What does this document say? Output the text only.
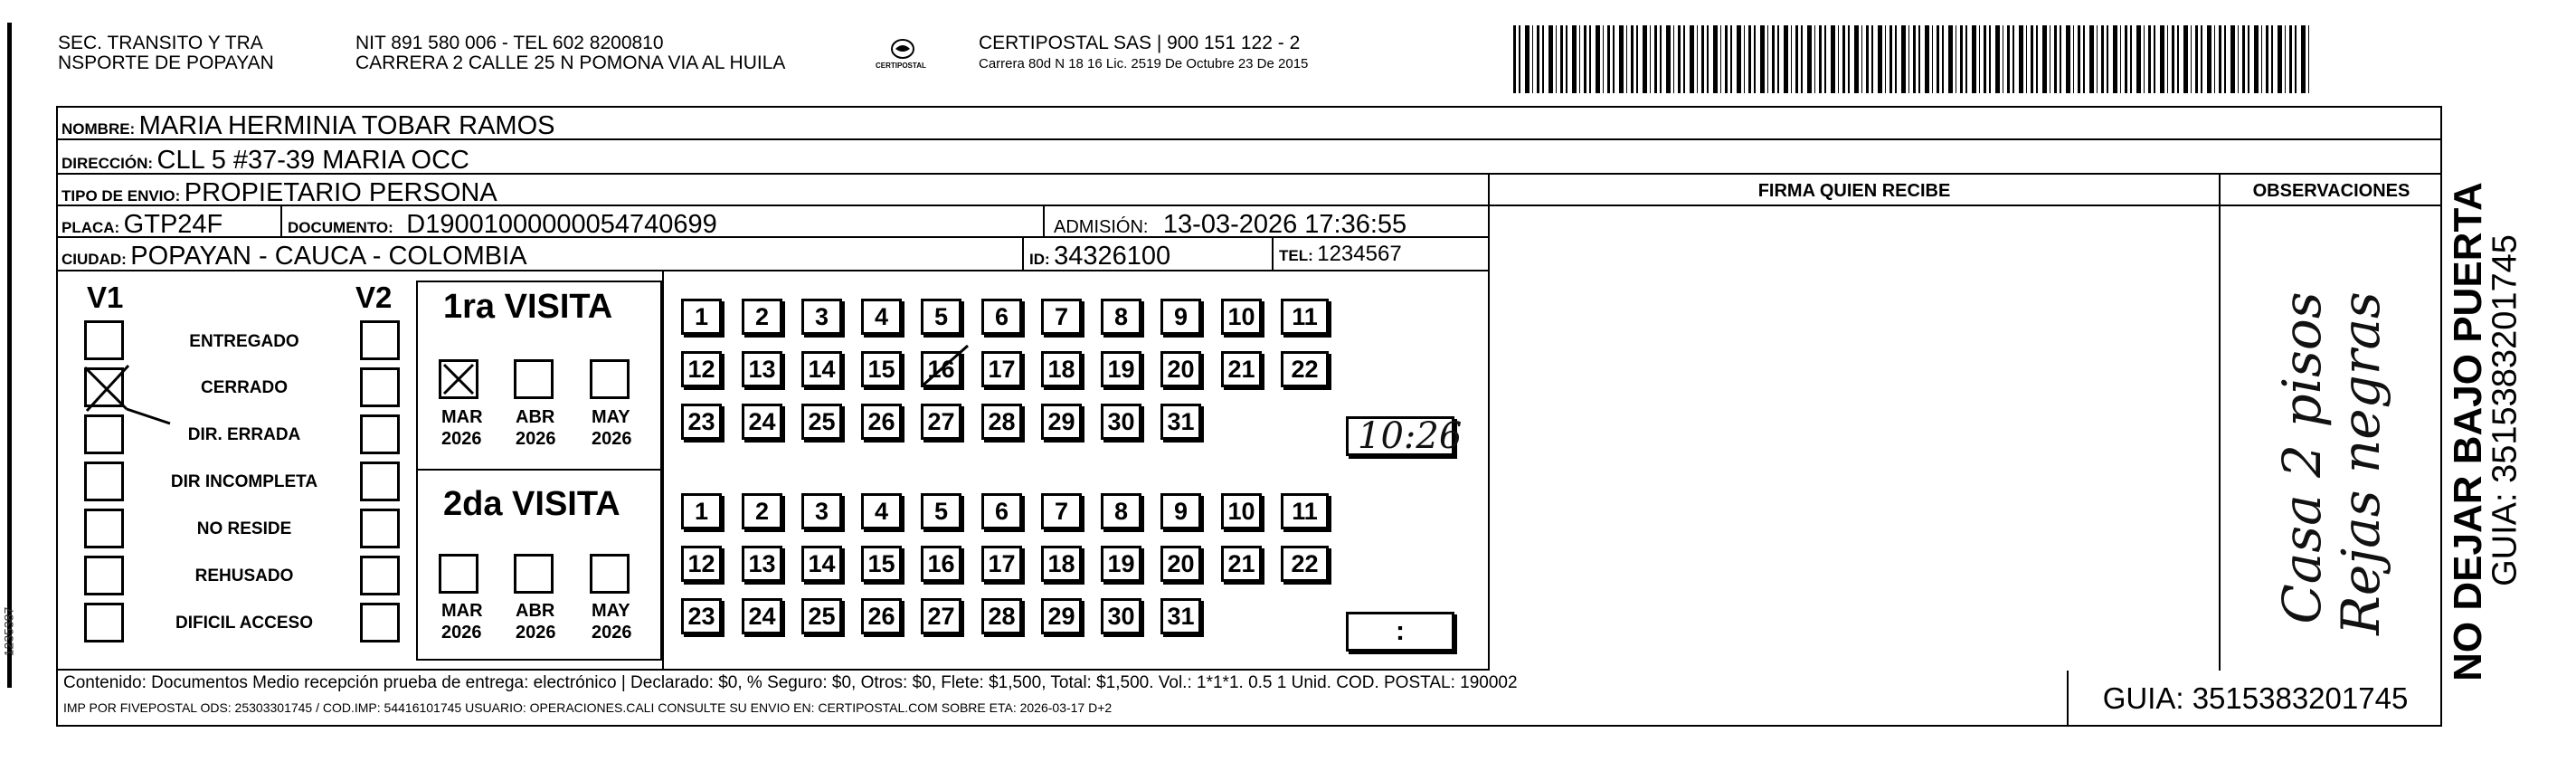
1235387
SEC. TRANSITO Y TRA
NSPORTE DE POPAYAN
NIT 891 580 006 - TEL 602 8200810
CARRERA 2 CALLE 25 N POMONA VIA AL HUILA	CERTIPOSTAL
CERTIPOSTAL SAS | 900 151 122 - 2
Carrera 80d N 18 16 Lic. 2519 De Octubre 23 De 2015
NOMBRE: MARIA HERMINIA TOBAR RAMOS
DIRECCIÓN: CLL 5 #37-39 MARIA OCC
TIPO DE ENVIO: PROPIETARIO PERSONA
PLACA: GTP24F	DOCUMENTO: D19001000000054740699	ADMISIÓN: 13-03-2026 17:36:55
CIUDAD: POPAYAN - CAUCA - COLOMBIA	ID: 34326100	TEL: 1234567
FIRMA QUIEN RECIBE	OBSERVACIONES
Casa 2 pisos
Rejas negras
V1	V2
ENTREGADO
CERRADO
DIR. ERRADA
DIR INCOMPLETA
NO RESIDE
REHUSADO
DIFICIL ACCESO
1ra VISITA
2da VISITA
MAR
2026
ABR
2026
MAY
2026
MAR
2026
ABR
2026
MAY
2026
1	2	3	4	5	6	7	8	9	10	11
12 13 14 15 16 17 18 19 20 21	22
23 24 25 26 27 28 29 30 31
1	2	3	4	5	6	7	8	9	10	11
12 13 14 15 16 17 18 19 20 21	22
23 24 25 26 27 28 29 30 31
10:26
:
Contenido: Documentos Medio recepción prueba de entrega: electrónico | Declarado: $0, % Seguro: $0, Otros: $0, Flete: $1,500, Total: $1,500. Vol.: 1*1*1. 0.5 1 Unid. COD. POSTAL: 190002
IMP POR FIVEPOSTAL ODS: 25303301745 / COD.IMP: 54416101745 USUARIO: OPERACIONES.CALI CONSULTE SU ENVIO EN: CERTIPOSTAL.COM SOBRE ETA: 2026-03-17 D+2	GUIA: 3515383201745
NO DEJAR BAJO PUERTA
GUIA: 3515383201745
